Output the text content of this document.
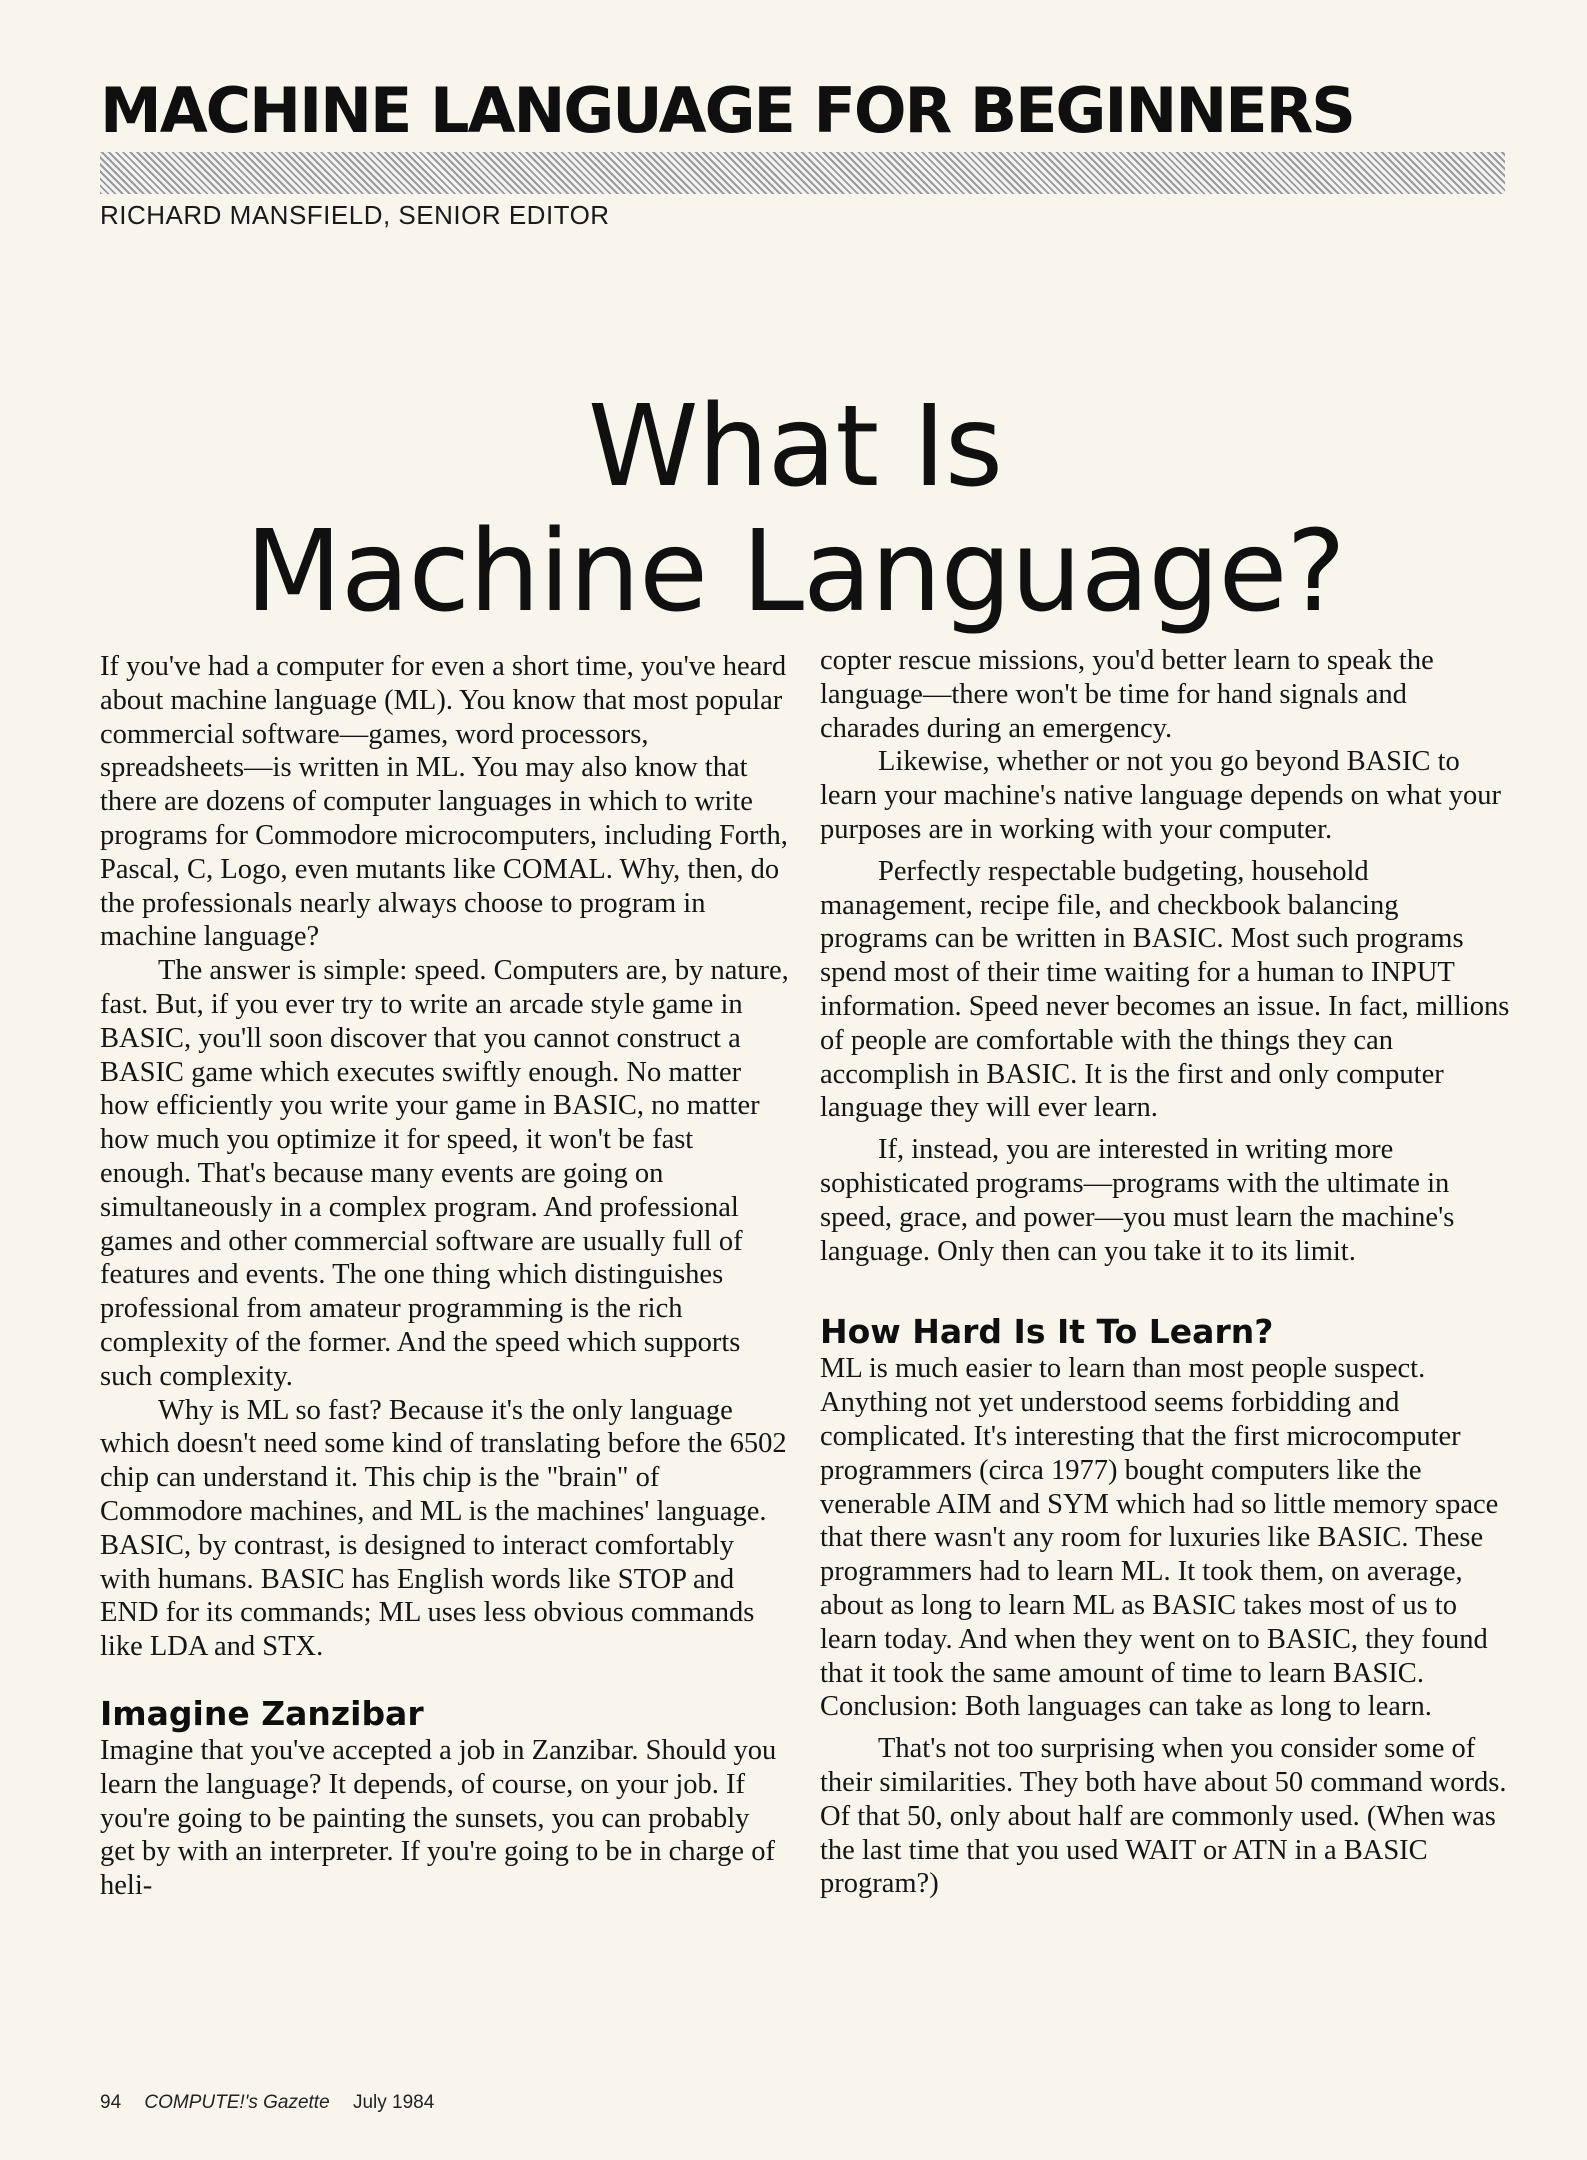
MACHINE LANGUAGE FOR BEGINNERS
RICHARD MANSFIELD, SENIOR EDITOR
What Is
Machine Language?

If you've had a computer for even a short time, you've heard about machine language (ML). You know that most popular commercial software—games, word processors, spreadsheets—is written in ML. You may also know that there are dozens of computer languages in which to write programs for Commodore microcomputers, including Forth, Pascal, C, Logo, even mutants like COMAL. Why, then, do the professionals nearly always choose to program in machine language?

The answer is simple: speed. Computers are, by nature, fast. But, if you ever try to write an arcade style game in BASIC, you'll soon discover that you cannot construct a BASIC game which executes swiftly enough. No matter how efficiently you write your game in BASIC, no matter how much you optimize it for speed, it won't be fast enough. That's because many events are going on simultaneously in a complex program. And professional games and other commercial software are usually full of features and events. The one thing which distinguishes professional from amateur programming is the rich complexity of the former. And the speed which supports such complexity.

Why is ML so fast? Because it's the only language which doesn't need some kind of translating before the 6502 chip can understand it. This chip is the "brain" of Commodore machines, and ML is the machines' language. BASIC, by contrast, is designed to interact comfortably with humans. BASIC has English words like STOP and END for its commands; ML uses less obvious commands like LDA and STX.

Imagine Zanzibar

Imagine that you've accepted a job in Zanzibar. Should you learn the language? It depends, of course, on your job. If you're going to be painting the sunsets, you can probably get by with an interpreter. If you're going to be in charge of heli-

copter rescue missions, you'd better learn to speak the language—there won't be time for hand signals and charades during an emergency.

Likewise, whether or not you go beyond BASIC to learn your machine's native language depends on what your purposes are in working with your computer.

Perfectly respectable budgeting, household management, recipe file, and checkbook balancing programs can be written in BASIC. Most such programs spend most of their time waiting for a human to INPUT information. Speed never becomes an issue. In fact, millions of people are comfortable with the things they can accomplish in BASIC. It is the first and only computer language they will ever learn.

If, instead, you are interested in writing more sophisticated programs—programs with the ultimate in speed, grace, and power—you must learn the machine's language. Only then can you take it to its limit.

How Hard Is It To Learn?

ML is much easier to learn than most people suspect. Anything not yet understood seems forbidding and complicated. It's interesting that the first microcomputer programmers (circa 1977) bought computers like the venerable AIM and SYM which had so little memory space that there wasn't any room for luxuries like BASIC. These programmers had to learn ML. It took them, on average, about as long to learn ML as BASIC takes most of us to learn today. And when they went on to BASIC, they found that it took the same amount of time to learn BASIC. Conclusion: Both languages can take as long to learn.

That's not too surprising when you consider some of their similarities. They both have about 50 command words. Of that 50, only about half are commonly used. (When was the last time that you used WAIT or ATN in a BASIC program?)

94 COMPUTE!'s Gazette July 1984
